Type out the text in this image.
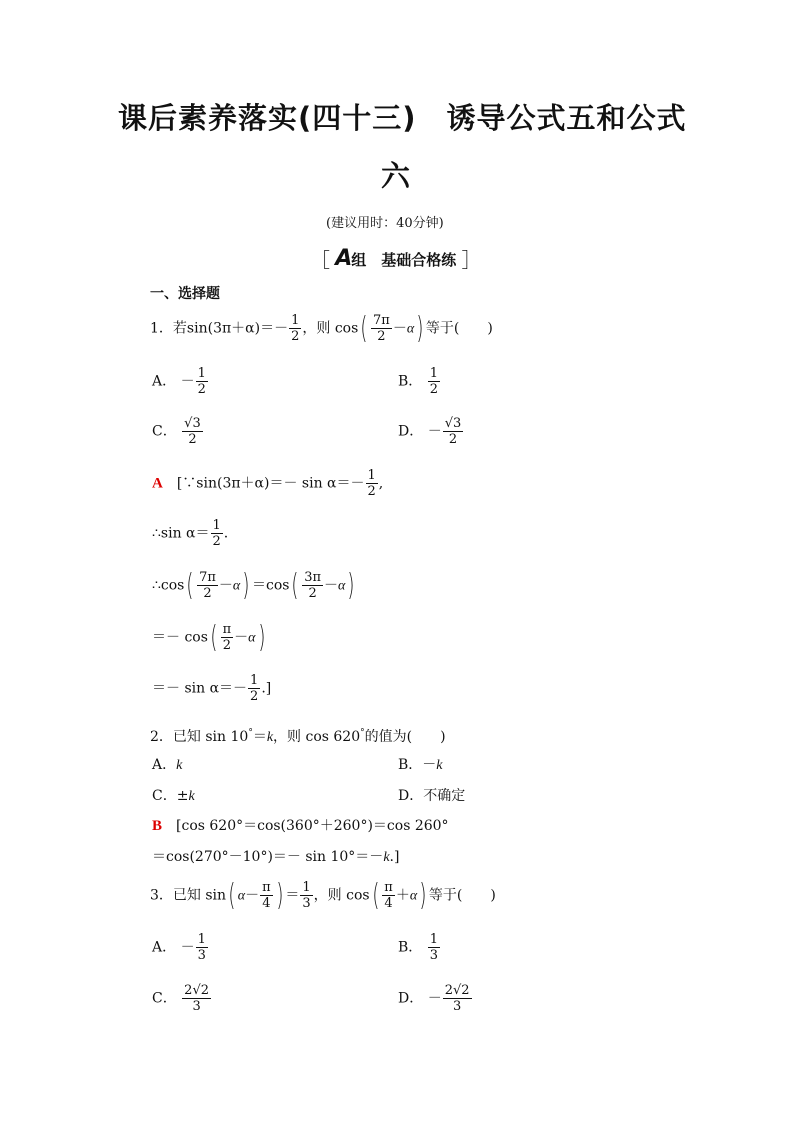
课后素养落实(四十三)　诱导公式五和公式
六
(建议用时：40分钟)
［ A组　基础合格练 ］
一、选择题
1．若$\sin(3\pi+\alpha)=- \frac{1}{2}$ ，则 $\cos( \frac{7\pi}{2} -\alpha)$ 等于(　　)
A． － $\frac{1}{2}$	B． $\frac{1}{2}$
C． $\frac{√3}{2}$	D． － $\frac{√3}{2}$
A　 [∵sin(3π＋α)＝－ $\sin \alpha=- \frac{1}{2}$ ,
∴sin $\alpha= \frac{1}{2}$ .
∴cos( $\frac{7\pi}{2} -\alpha) =\cos( \frac{3\pi}{2} -\alpha)$
＝－ $\cos( \frac{\pi}{2} -\alpha)$
＝－ $\sin \alpha=- \frac{1}{2}$ .]
2．已知 sin 10°＝k，则 cos 620°的值为(　　)
A．k	B．－k
C．±k	D．不确定
B　 [cos 620°＝cos(360°＋260°)＝cos 260°
＝cos(270°－10°)＝－ sin 10°＝－k.]
3．已知 sin( $\alpha- \frac{\pi}{4}$ ) ＝ $\frac{1}{3}$ ，则 $\cos( \frac{\pi}{4} +\alpha)$ 等于(　　)
A． － $\frac{1}{3}$	B． $\frac{1}{3}$
C． $\frac{2√2}{3}$	D． － $\frac{2√2}{3}$
